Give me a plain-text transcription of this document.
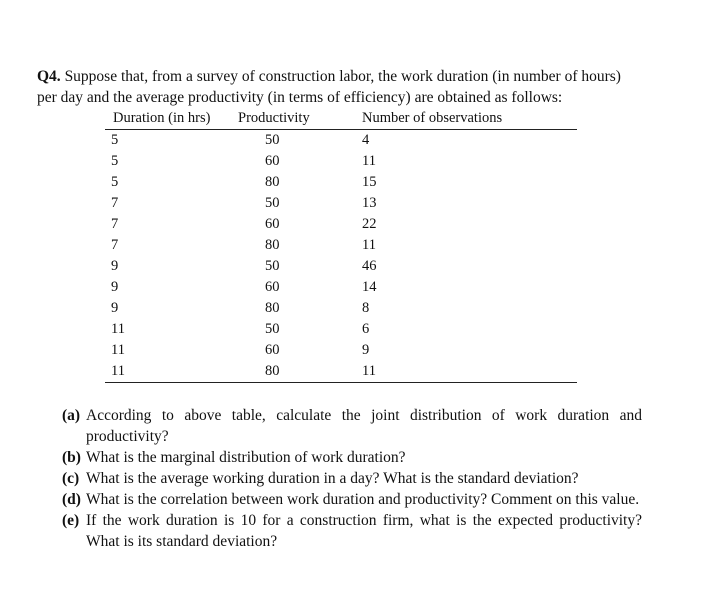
Q4. Suppose that, from a survey of construction labor, the work duration (in number of hours)
per day and the average productivity (in terms of efficiency) are obtained as follows:
Duration (in hrs)	Productivity	Number of observations
5	50	4
5	60	11
5	80	15
7	50	13
7	60	22
7	80	11
9	50	46
9	60	14
9	80	8
11	50	6
11	60	9
11	80	11
(a) According to above table, calculate the joint distribution of work duration and productivity?
(b) What is the marginal distribution of work duration?
(c) What is the average working duration in a day? What is the standard deviation?
(d) What is the correlation between work duration and productivity? Comment on this value.
(e) If the work duration is 10 for a construction firm, what is the expected productivity? What is its standard deviation?
